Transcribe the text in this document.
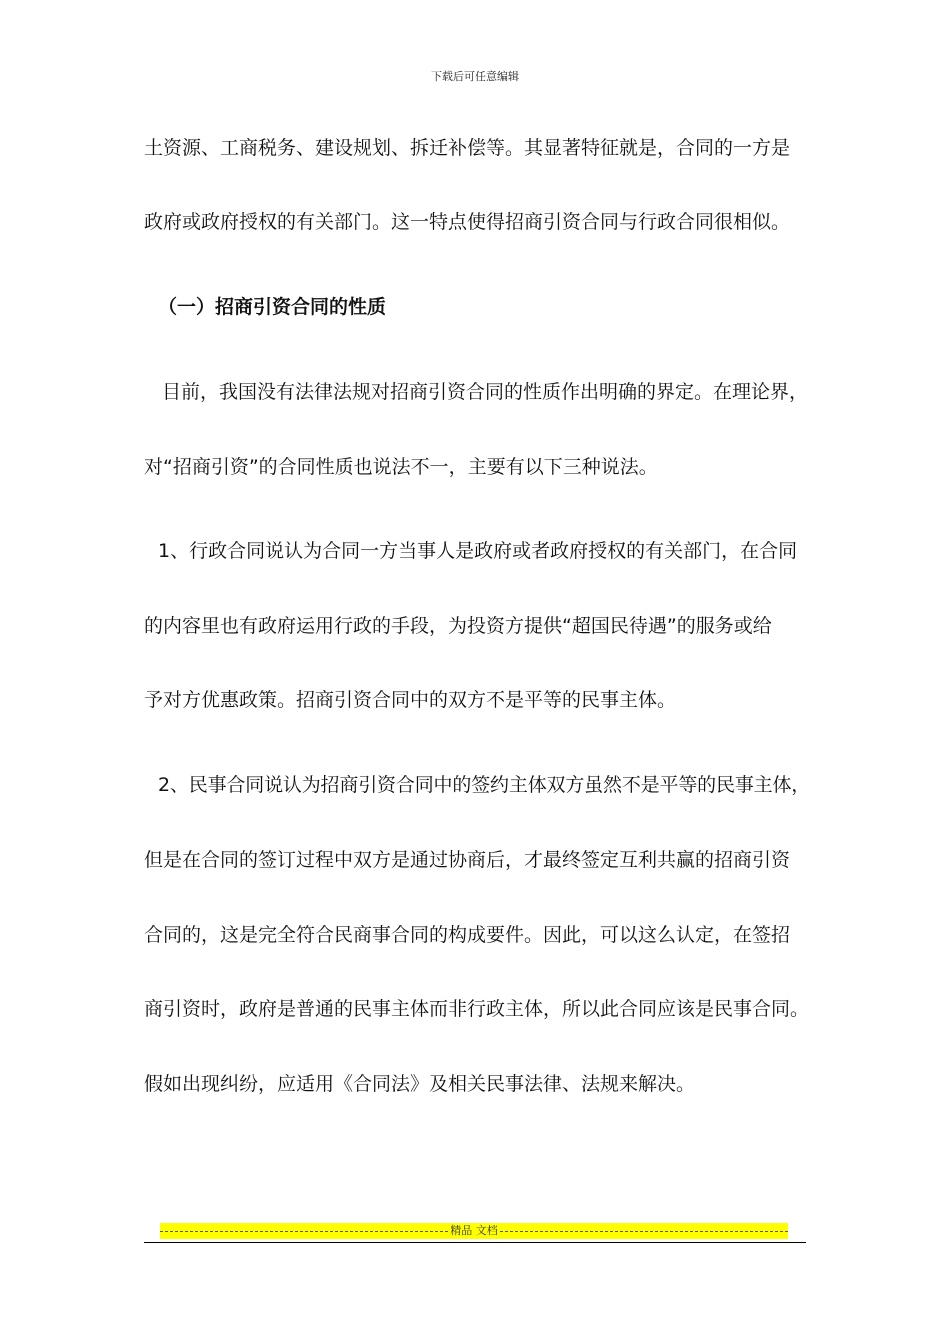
下载后可任意编辑
土资源、工商税务、建设规划、拆迁补偿等。其显著特征就是，合同的一方是
政府或政府授权的有关部门。这一特点使得招商引资合同与行政合同很相似。
（一）招商引资合同的性质
目前，我国没有法律法规对招商引资合同的性质作出明确的界定。在理论界，
对“招商引资”的合同性质也说法不一，主要有以下三种说法。
1、行政合同说认为合同一方当事人是政府或者政府授权的有关部门，在合同
的内容里也有政府运用行政的手段，为投资方提供“超国民待遇”的服务或给
予对方优惠政策。招商引资合同中的双方不是平等的民事主体。
2、民事合同说认为招商引资合同中的签约主体双方虽然不是平等的民事主体，
但是在合同的签订过程中双方是通过协商后，才最终签定互利共赢的招商引资
合同的，这是完全符合民商事合同的构成要件。因此，可以这么认定，在签招
商引资时，政府是普通的民事主体而非行政主体，所以此合同应该是民事合同。
假如出现纠纷，应适用《合同法》及相关民事法律、法规来解决。
精品 文档
